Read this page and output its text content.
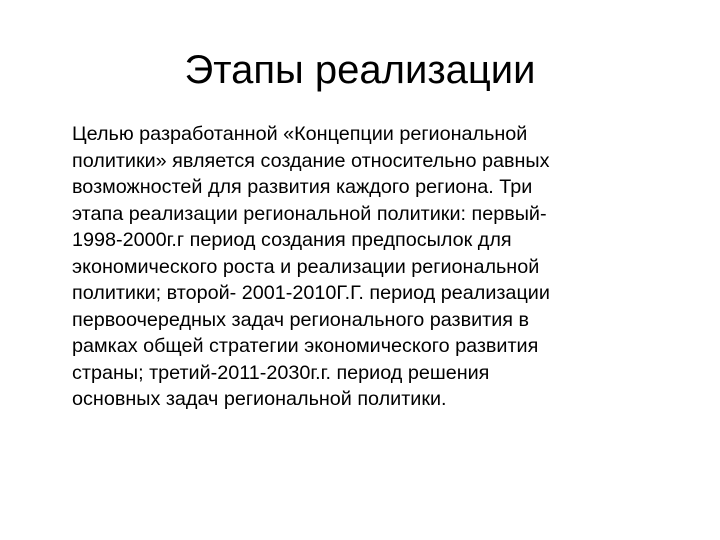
Этапы реализации

Целью разработанной «Концепции региональной
политики» является создание относительно равных
возможностей для развития каждого региона. Три
этапа реализации региональной политики: первый-
1998-2000г.г период создания предпосылок для
экономического роста и реализации региональной
политики; второй- 2001-2010Г.Г. период реализации
первоочередных задач регионального развития в
рамках общей стратегии экономического развития
страны; третий-2011-2030г.г. период решения
основных задач региональной политики.
